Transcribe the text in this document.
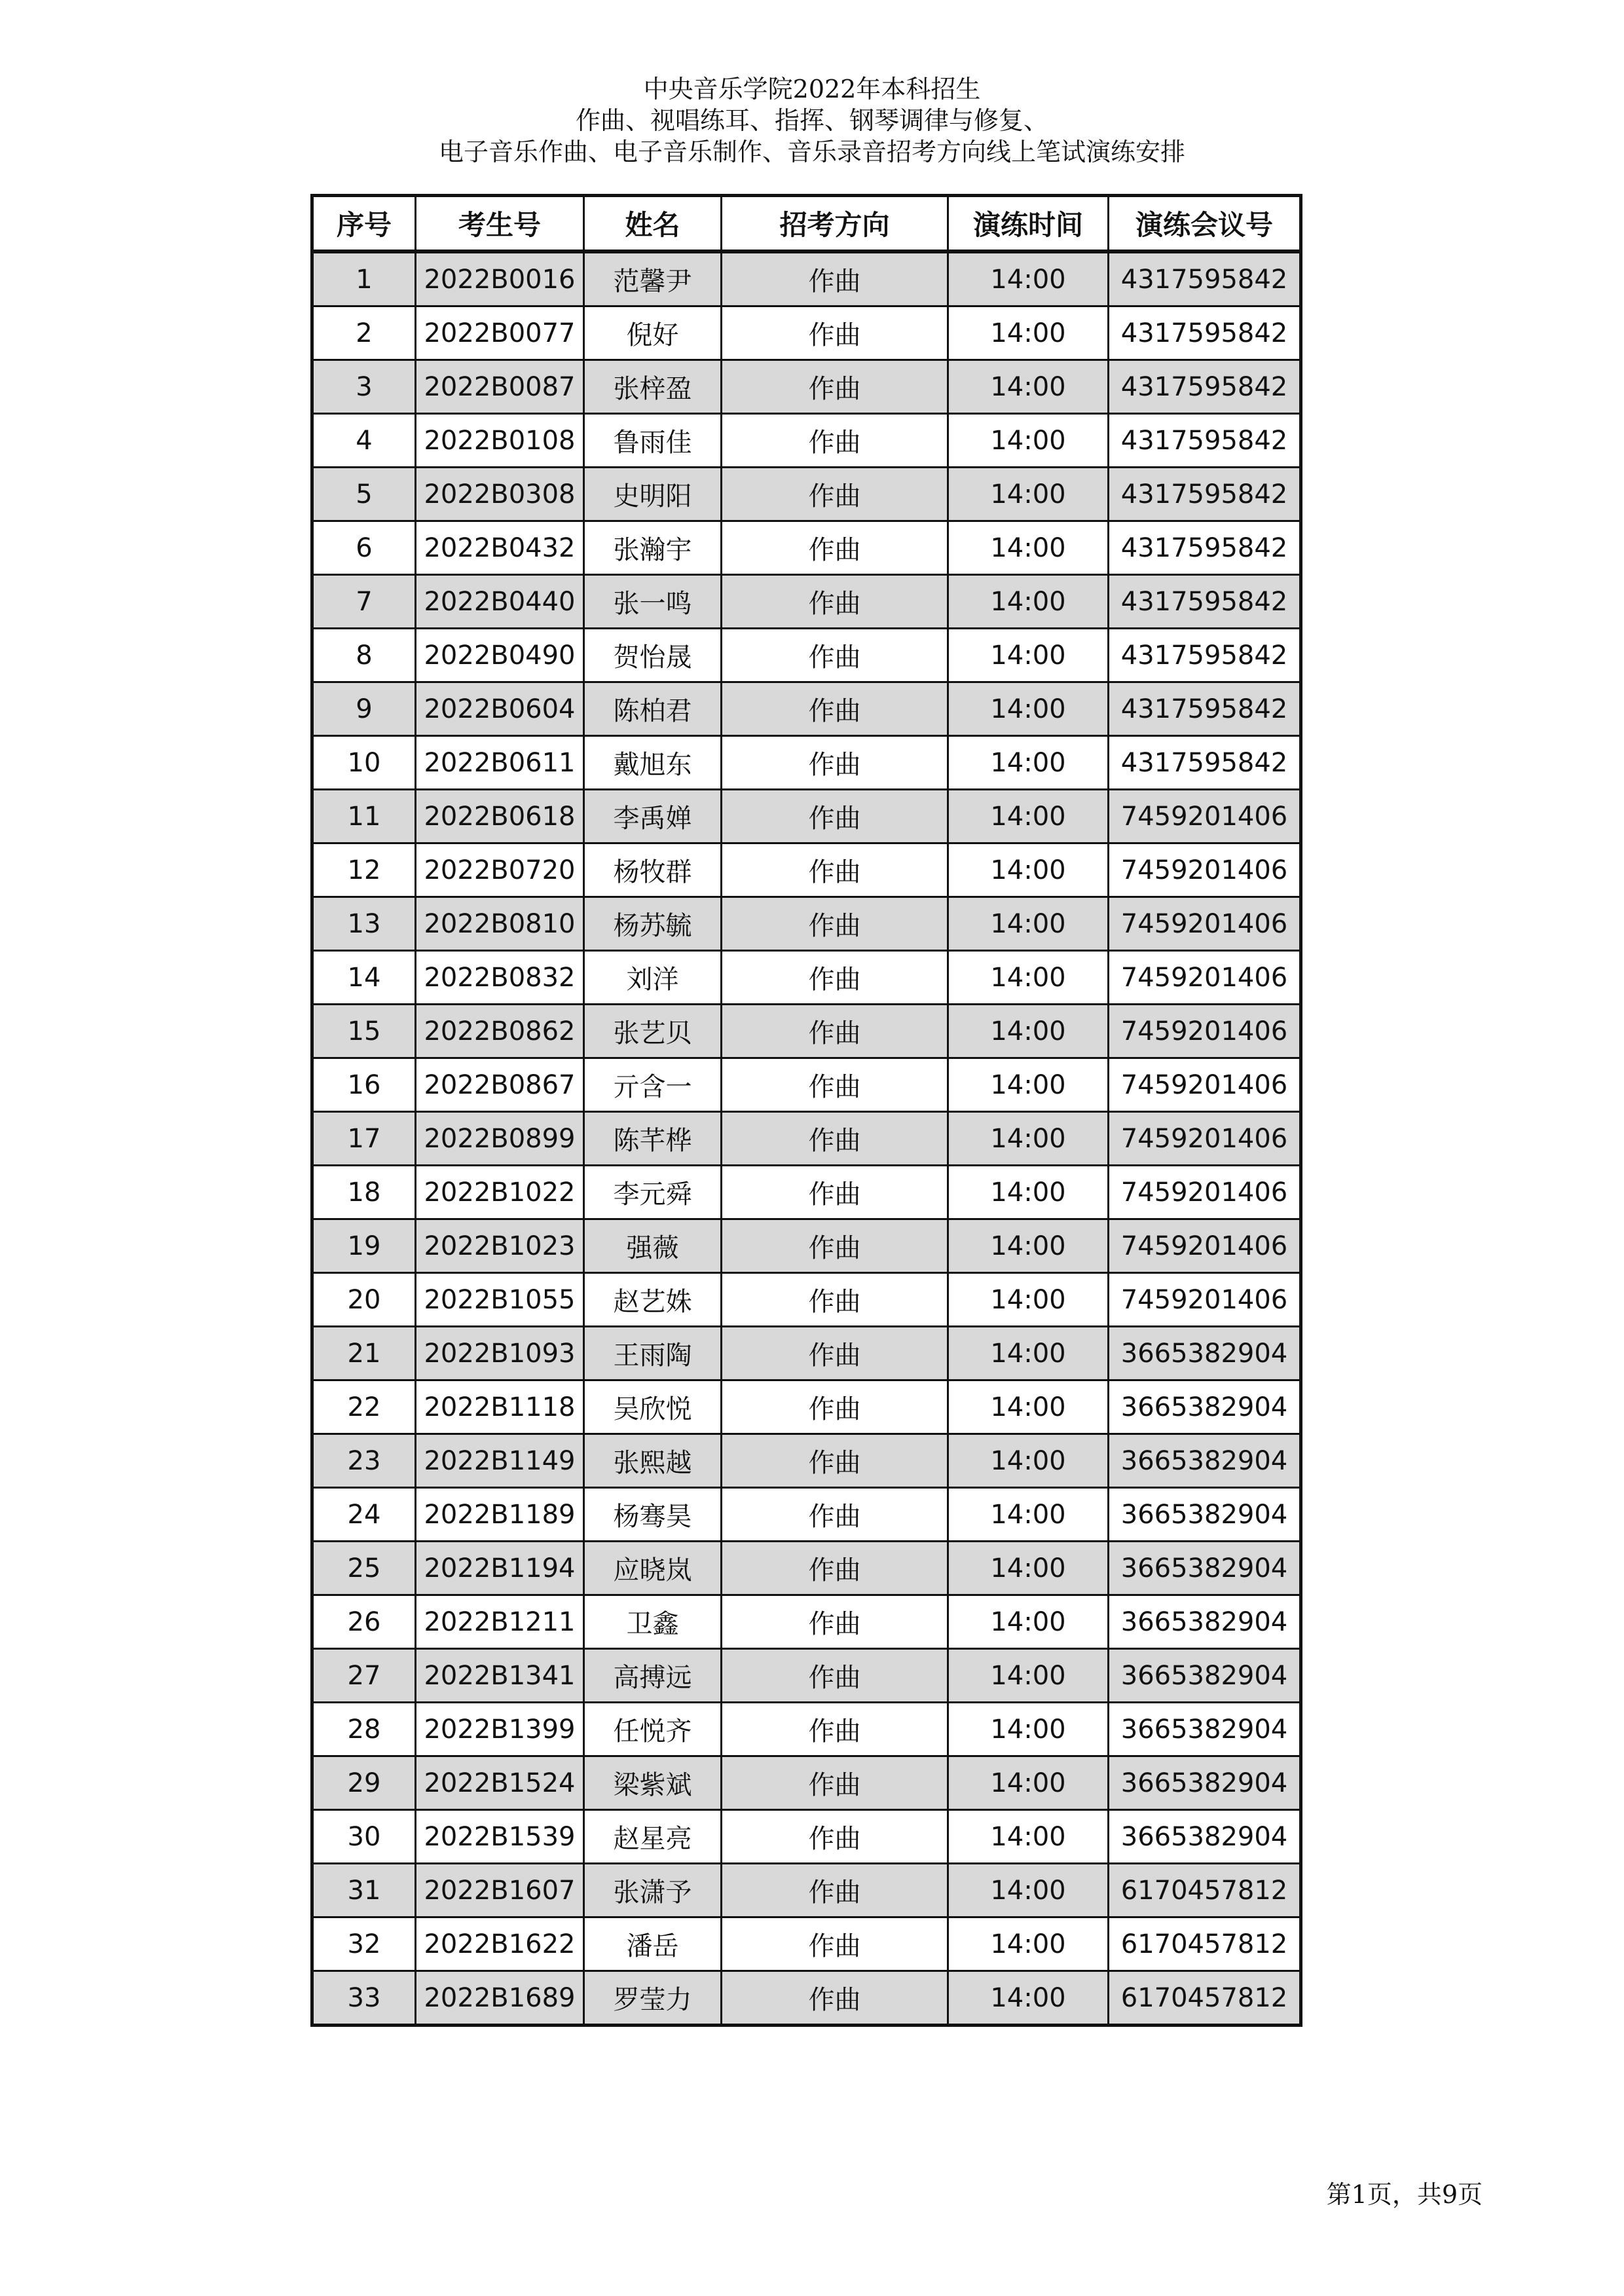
中央音乐学院2022年本科招生
作曲、视唱练耳、指挥、钢琴调律与修复、
电子音乐作曲、电子音乐制作、音乐录音招考方向线上笔试演练安排
序号	考生号	姓名	招考方向	演练时间	演练会议号
1	2022B0016	范馨尹	作曲	14:00	4317595842
2	2022B0077	倪好	作曲	14:00	4317595842
3	2022B0087	张梓盈	作曲	14:00	4317595842
4	2022B0108	鲁雨佳	作曲	14:00	4317595842
5	2022B0308	史明阳	作曲	14:00	4317595842
6	2022B0432	张瀚宇	作曲	14:00	4317595842
7	2022B0440	张一鸣	作曲	14:00	4317595842
8	2022B0490	贺怡晟	作曲	14:00	4317595842
9	2022B0604	陈柏君	作曲	14:00	4317595842
10	2022B0611	戴旭东	作曲	14:00	4317595842
11	2022B0618	李禹婵	作曲	14:00	7459201406
12	2022B0720	杨牧群	作曲	14:00	7459201406
13	2022B0810	杨苏毓	作曲	14:00	7459201406
14	2022B0832	刘洋	作曲	14:00	7459201406
15	2022B0862	张艺贝	作曲	14:00	7459201406
16	2022B0867	亓含一	作曲	14:00	7459201406
17	2022B0899	陈芊桦	作曲	14:00	7459201406
18	2022B1022	李元舜	作曲	14:00	7459201406
19	2022B1023	强薇	作曲	14:00	7459201406
20	2022B1055	赵艺姝	作曲	14:00	7459201406
21	2022B1093	王雨陶	作曲	14:00	3665382904
22	2022B1118	吴欣悦	作曲	14:00	3665382904
23	2022B1149	张熙越	作曲	14:00	3665382904
24	2022B1189	杨骞昊	作曲	14:00	3665382904
25	2022B1194	应晓岚	作曲	14:00	3665382904
26	2022B1211	卫鑫	作曲	14:00	3665382904
27	2022B1341	高搏远	作曲	14:00	3665382904
28	2022B1399	任悦齐	作曲	14:00	3665382904
29	2022B1524	梁紫斌	作曲	14:00	3665382904
30	2022B1539	赵星亮	作曲	14:00	3665382904
31	2022B1607	张潇予	作曲	14:00	6170457812
32	2022B1622	潘岳	作曲	14:00	6170457812
33	2022B1689	罗莹力	作曲	14:00	6170457812
第1页，共9页
